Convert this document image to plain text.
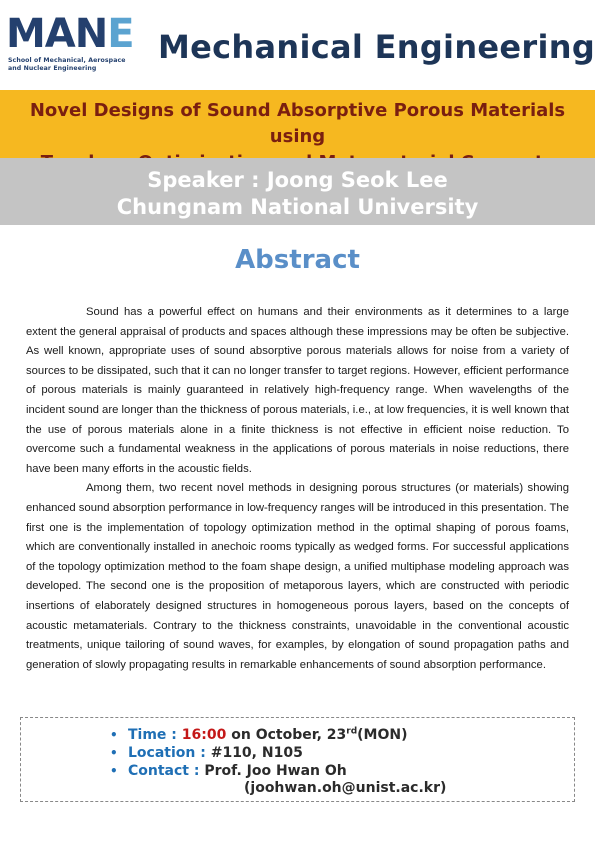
MANE
School of Mechanical, Aerospace
and Nuclear Engineering
Mechanical Engineering
Novel Designs of Sound Absorptive Porous Materials using
Speaker : Joong Seok Lee
Chungnam National University
Abstract

Sound has a powerful effect on humans and their environments as it determines to a large extent the general appraisal of products and spaces although these impressions may be often be subjective. As well known, appropriate uses of sound absorptive porous materials allows for noise from a variety of sources to be dissipated, such that it can no longer transfer to target regions. However, efficient performance of porous materials is mainly guaranteed in relatively high-frequency range. When wavelengths of the incident sound are longer than the thickness of porous materials, i.e., at low frequencies, it is well known that the use of porous materials alone in a finite thickness is not effective in efficient noise reduction. To overcome such a fundamental weakness in the applications of porous materials in noise reductions, there have been many efforts in the acoustic fields.

Among them, two recent novel methods in designing porous structures (or materials) showing enhanced sound absorption performance in low-frequency ranges will be introduced in this presentation. The first one is the implementation of topology optimization method in the optimal shaping of porous foams, which are conventionally installed in anechoic rooms typically as wedged forms. For successful applications of the topology optimization method to the foam shape design, a unified multiphase modeling approach was developed. The second one is the proposition of metaporous layers, which are constructed with periodic insertions of elaborately designed structures in homogeneous porous layers, based on the concepts of acoustic metamaterials. Contrary to the thickness constraints, unavoidable in the conventional acoustic treatments, unique tailoring of sound waves, for examples, by elongation of sound propagation paths and generation of slowly propagating results in remarkable enhancements of sound absorption performance.

• Time : 16:00 on October, 23rd(MON)
• Location : #110, N105
• Contact : Prof. Joo Hwan Oh
(joohwan.oh@unist.ac.kr)
